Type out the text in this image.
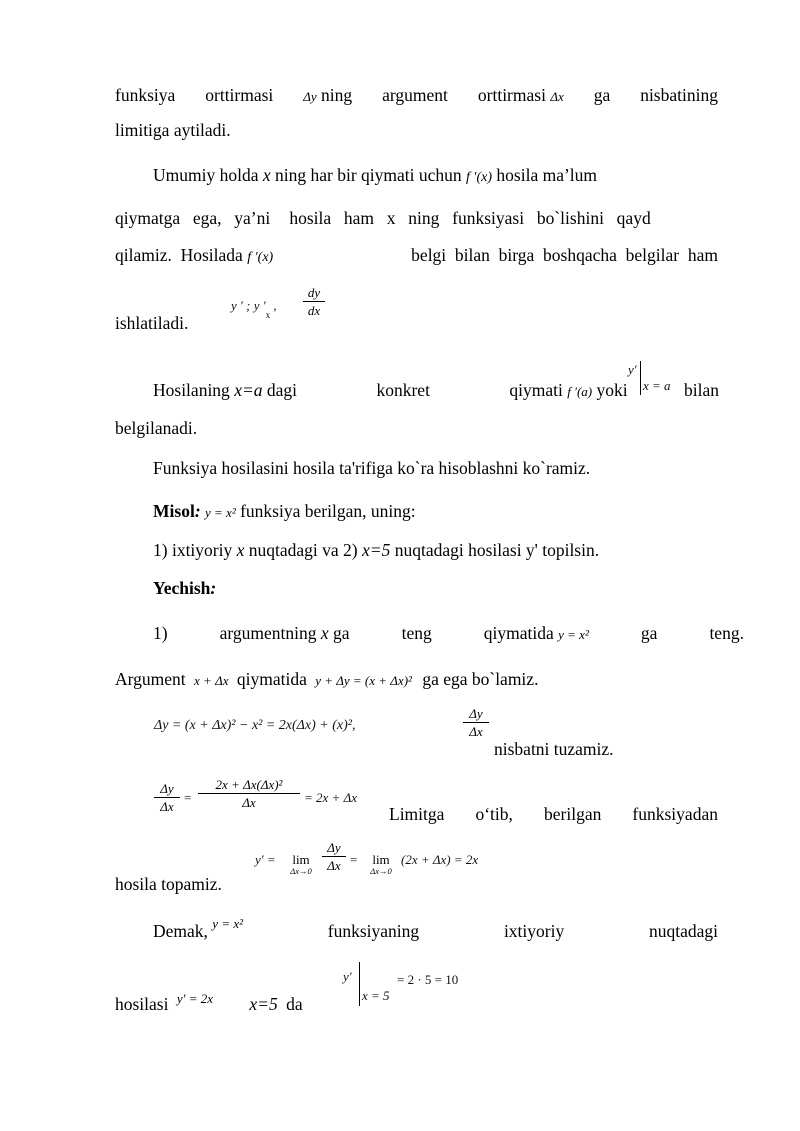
funksiya orttirmasi Δy ning argument orttirmasi Δx ga nisbatining
limitiga aytiladi.
Umumiy holda x ning har bir qiymati uchun f ′(x) hosila ma’lum
qiymatga  ega,  ya’ni   hosila  ham  x  ning  funksiyasi  bo`lishini  qayd
qilamiz.  Hosilada f ′(x)	belgi  bilan  birga  boshqacha  belgilar  ham
ishlatiladi.
y ′ ; y $'_x$ ,
dy
dx
Hosilaning x=a dagi	konkret	qiymati f ′(a) yoki	bilan
y′
x = a
belgilanadi.
Funksiya hosilasini hosila ta'rifiga ko`ra hisoblashni ko`ramiz.
Misol: y = x² funksiya berilgan, uning:
1) ixtiyoriy x nuqtadagi va 2) x=5 nuqtadagi hosilasi y' topilsin.
Yechish:
1)	argumentning x ga	teng	qiymatida y = x²	ga	teng.
Argument x + Δx qiymatida y + Δy = (x + Δx)² ga ega bo`lamiz.
Δy = (x + Δx)² − x² = 2x(Δx) + (x)²,
Δy
Δx
nisbatni tuzamiz.
Δy
Δx
=
2x + Δx(Δx)²
Δx	= 2x + Δx
Limitga o‘tib, berilgan funksiyadan
hosila topamiz.
y′ =	lim
Δx→0
Δy
Δx =	lim
Δx→0
(2x + Δx) = 2x
Demak, $^{y = x^2}$	funksiyaning	ixtiyoriy	nuqtadagi
hosilasi $^{y' = 2x}$ x=5 da
y′
x = 5
= 2 · 5 = 10
